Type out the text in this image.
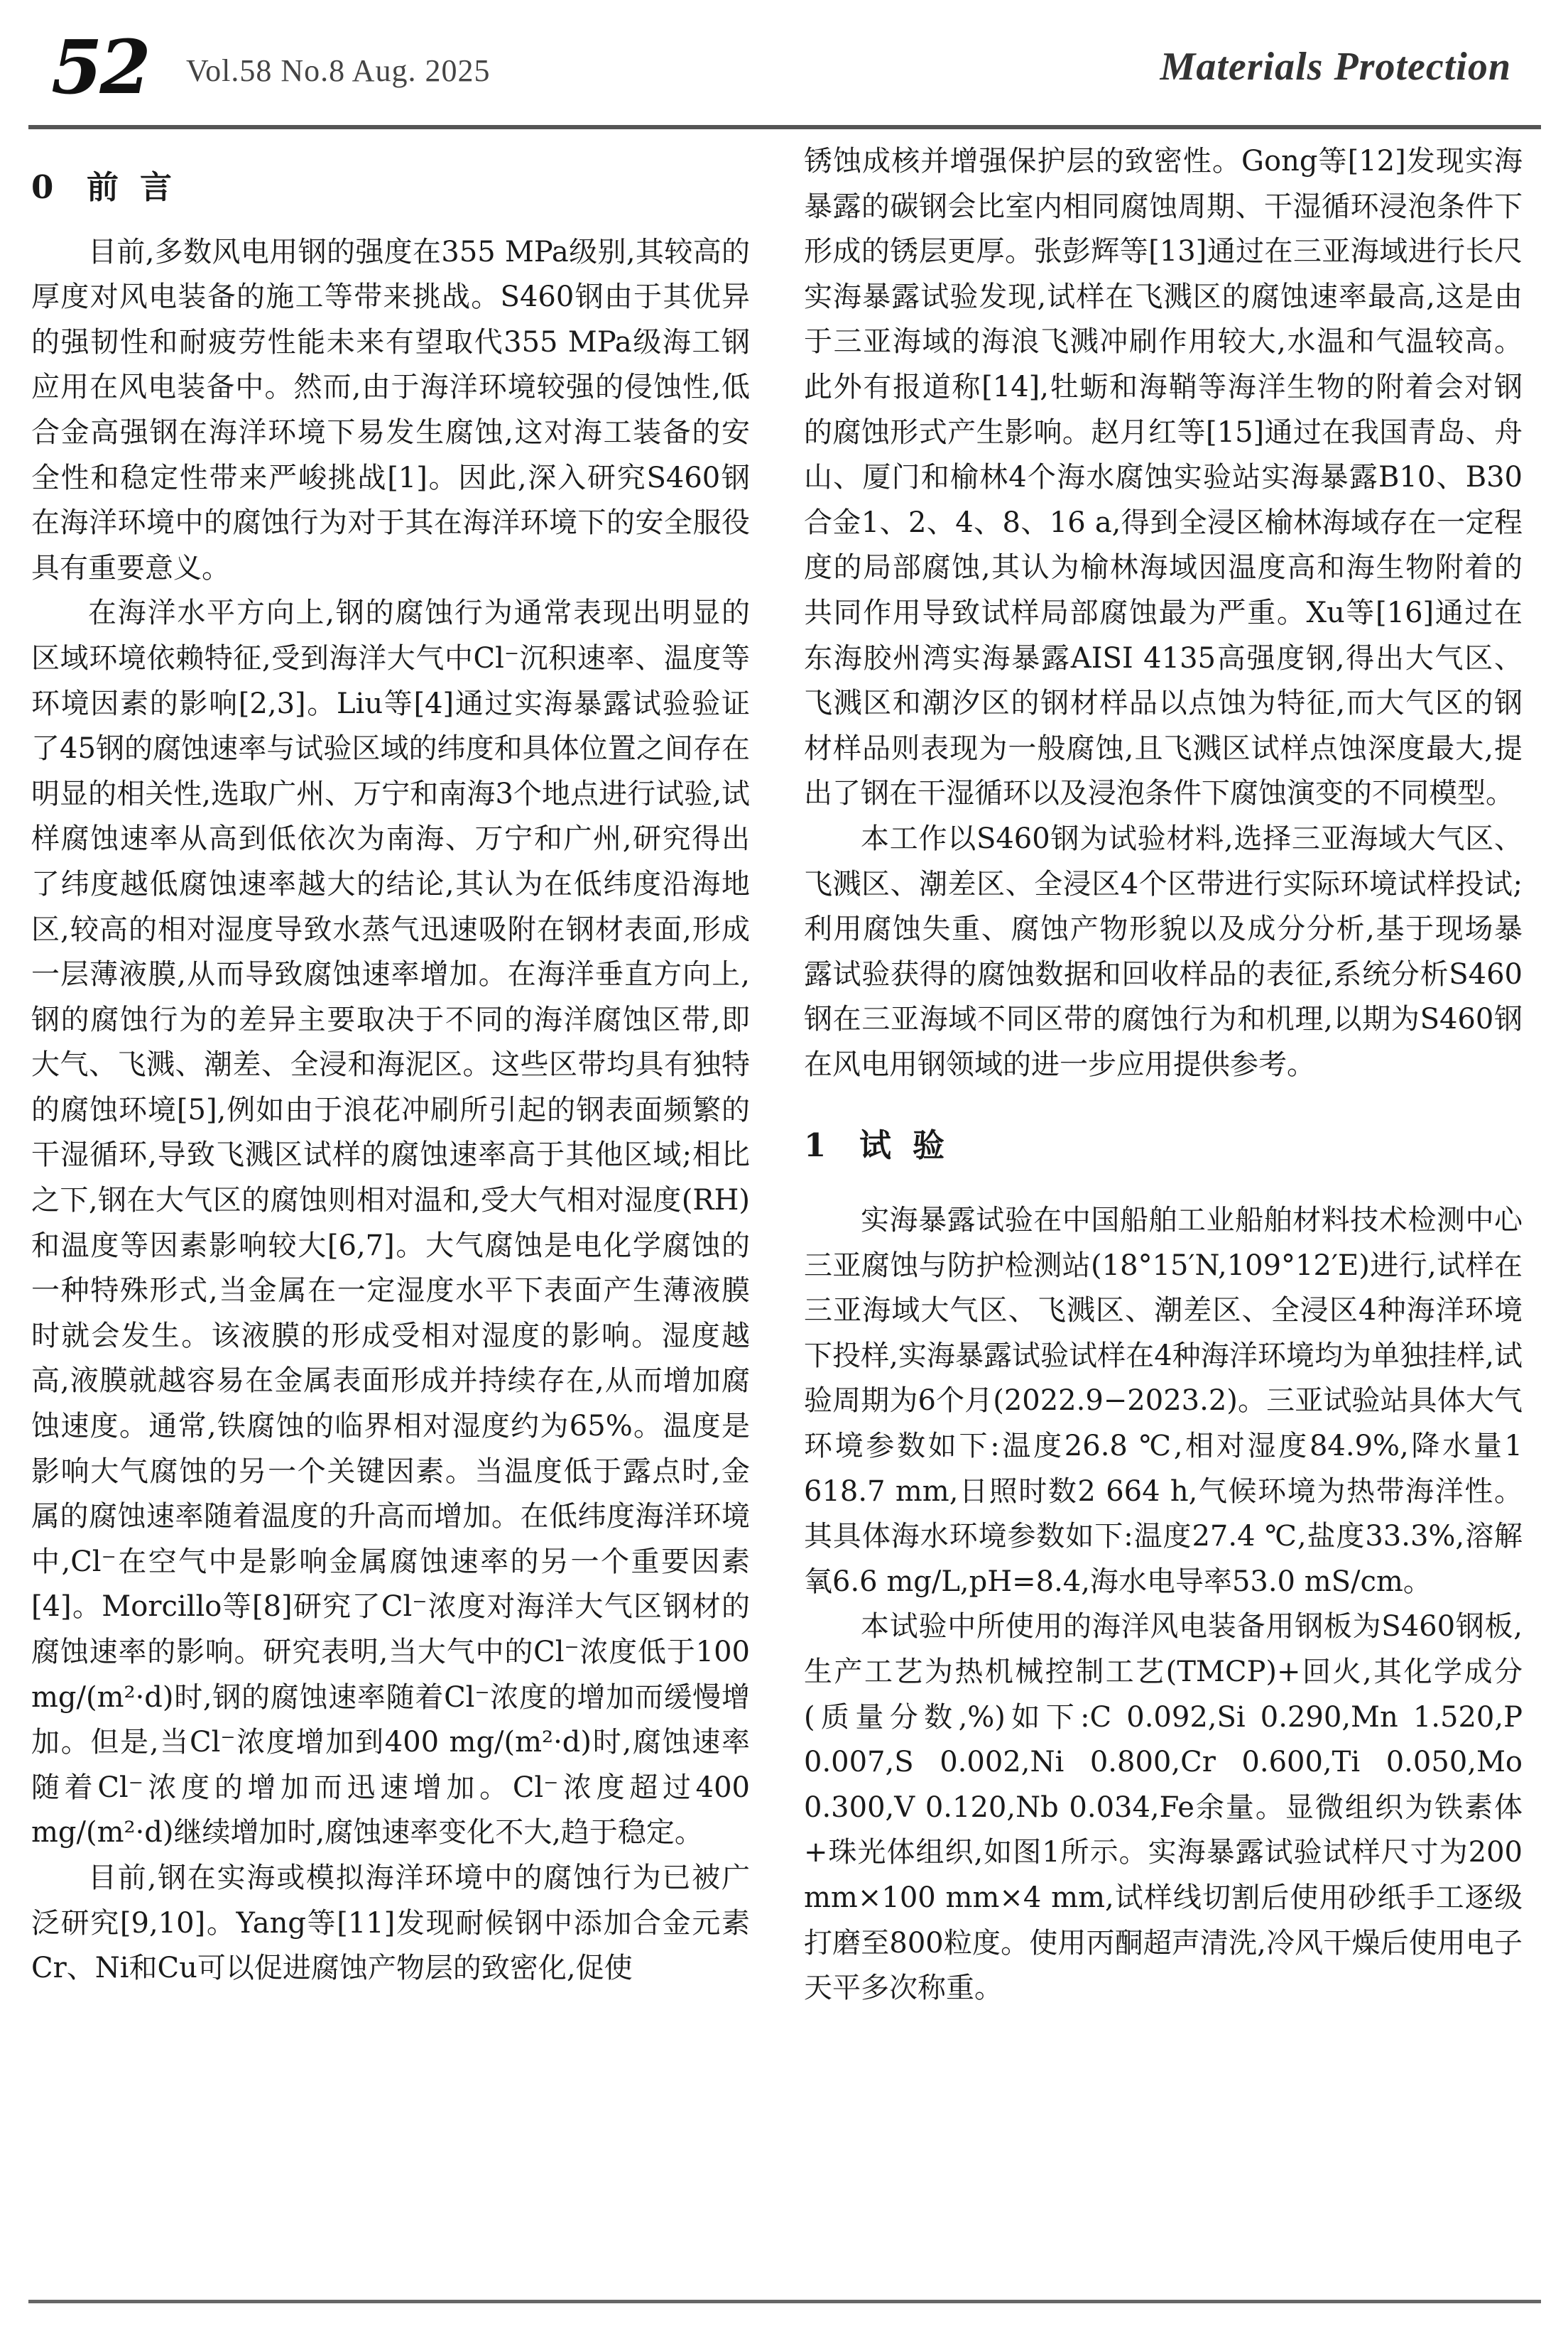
52 Vol.58 No.8 Aug. 2025	Materials Protection
0 前言

目前,多数风电用钢的强度在355 MPa级别,其较高的厚度对风电装备的施工等带来挑战。S460钢由于其优异的强韧性和耐疲劳性能未来有望取代355 MPa级海工钢应用在风电装备中。然而,由于海洋环境较强的侵蚀性,低合金高强钢在海洋环境下易发生腐蚀,这对海工装备的安全性和稳定性带来严峻挑战[1]。因此,深入研究S460钢在海洋环境中的腐蚀行为对于其在海洋环境下的安全服役具有重要意义。

在海洋水平方向上,钢的腐蚀行为通常表现出明显的区域环境依赖特征,受到海洋大气中Cl⁻沉积速率、温度等环境因素的影响[2,3]。Liu等[4]通过实海暴露试验验证了45钢的腐蚀速率与试验区域的纬度和具体位置之间存在明显的相关性,选取广州、万宁和南海3个地点进行试验,试样腐蚀速率从高到低依次为南海、万宁和广州,研究得出了纬度越低腐蚀速率越大的结论,其认为在低纬度沿海地区,较高的相对湿度导致水蒸气迅速吸附在钢材表面,形成一层薄液膜,从而导致腐蚀速率增加。在海洋垂直方向上,钢的腐蚀行为的差异主要取决于不同的海洋腐蚀区带,即大气、飞溅、潮差、全浸和海泥区。这些区带均具有独特的腐蚀环境[5],例如由于浪花冲刷所引起的钢表面频繁的干湿循环,导致飞溅区试样的腐蚀速率高于其他区域;相比之下,钢在大气区的腐蚀则相对温和,受大气相对湿度(RH)和温度等因素影响较大[6,7]。大气腐蚀是电化学腐蚀的一种特殊形式,当金属在一定湿度水平下表面产生薄液膜时就会发生。该液膜的形成受相对湿度的影响。湿度越高,液膜就越容易在金属表面形成并持续存在,从而增加腐蚀速度。通常,铁腐蚀的临界相对湿度约为65%。温度是影响大气腐蚀的另一个关键因素。当温度低于露点时,金属的腐蚀速率随着温度的升高而增加。在低纬度海洋环境中,Cl⁻在空气中是影响金属腐蚀速率的另一个重要因素[4]。Morcillo等[8]研究了Cl⁻浓度对海洋大气区钢材的腐蚀速率的影响。研究表明,当大气中的Cl⁻浓度低于100 mg/(m²·d)时,钢的腐蚀速率随着Cl⁻浓度的增加而缓慢增加。但是,当Cl⁻浓度增加到400 mg/(m²·d)时,腐蚀速率随着Cl⁻浓度的增加而迅速增加。Cl⁻浓度超过400 mg/(m²·d)继续增加时,腐蚀速率变化不大,趋于稳定。

目前,钢在实海或模拟海洋环境中的腐蚀行为已被广泛研究[9,10]。Yang等[11]发现耐候钢中添加合金元素Cr、Ni和Cu可以促进腐蚀产物层的致密化,促使

锈蚀成核并增强保护层的致密性。Gong等[12]发现实海暴露的碳钢会比室内相同腐蚀周期、干湿循环浸泡条件下形成的锈层更厚。张彭辉等[13]通过在三亚海域进行长尺实海暴露试验发现,试样在飞溅区的腐蚀速率最高,这是由于三亚海域的海浪飞溅冲刷作用较大,水温和气温较高。此外有报道称[14],牡蛎和海鞘等海洋生物的附着会对钢的腐蚀形式产生影响。赵月红等[15]通过在我国青岛、舟山、厦门和榆林4个海水腐蚀实验站实海暴露B10、B30合金1、2、4、8、16 a,得到全浸区榆林海域存在一定程度的局部腐蚀,其认为榆林海域因温度高和海生物附着的共同作用导致试样局部腐蚀最为严重。Xu等[16]通过在东海胶州湾实海暴露AISI 4135高强度钢,得出大气区、飞溅区和潮汐区的钢材样品以点蚀为特征,而大气区的钢材样品则表现为一般腐蚀,且飞溅区试样点蚀深度最大,提出了钢在干湿循环以及浸泡条件下腐蚀演变的不同模型。

本工作以S460钢为试验材料,选择三亚海域大气区、飞溅区、潮差区、全浸区4个区带进行实际环境试样投试;利用腐蚀失重、腐蚀产物形貌以及成分分析,基于现场暴露试验获得的腐蚀数据和回收样品的表征,系统分析S460钢在三亚海域不同区带的腐蚀行为和机理,以期为S460钢在风电用钢领域的进一步应用提供参考。

1 试验

实海暴露试验在中国船舶工业船舶材料技术检测中心三亚腐蚀与防护检测站(18°15′N,109°12′E)进行,试样在三亚海域大气区、飞溅区、潮差区、全浸区4种海洋环境下投样,实海暴露试验试样在4种海洋环境均为单独挂样,试验周期为6个月(2022.9−2023.2)。三亚试验站具体大气环境参数如下:温度26.8 ℃,相对湿度84.9%,降水量1 618.7 mm,日照时数2 664 h,气候环境为热带海洋性。其具体海水环境参数如下:温度27.4 ℃,盐度33.3%,溶解氧6.6 mg/L,pH=8.4,海水电导率53.0 mS/cm。

本试验中所使用的海洋风电装备用钢板为S460钢板,生产工艺为热机械控制工艺(TMCP)+回火,其化学成分(质量分数,%)如下:C 0.092,Si 0.290,Mn 1.520,P 0.007,S 0.002,Ni 0.800,Cr 0.600,Ti 0.050,Mo 0.300,V 0.120,Nb 0.034,Fe余量。显微组织为铁素体+珠光体组织,如图1所示。实海暴露试验试样尺寸为200 mm×100 mm×4 mm,试样线切割后使用砂纸手工逐级打磨至800粒度。使用丙酮超声清洗,冷风干燥后使用电子天平多次称重。
